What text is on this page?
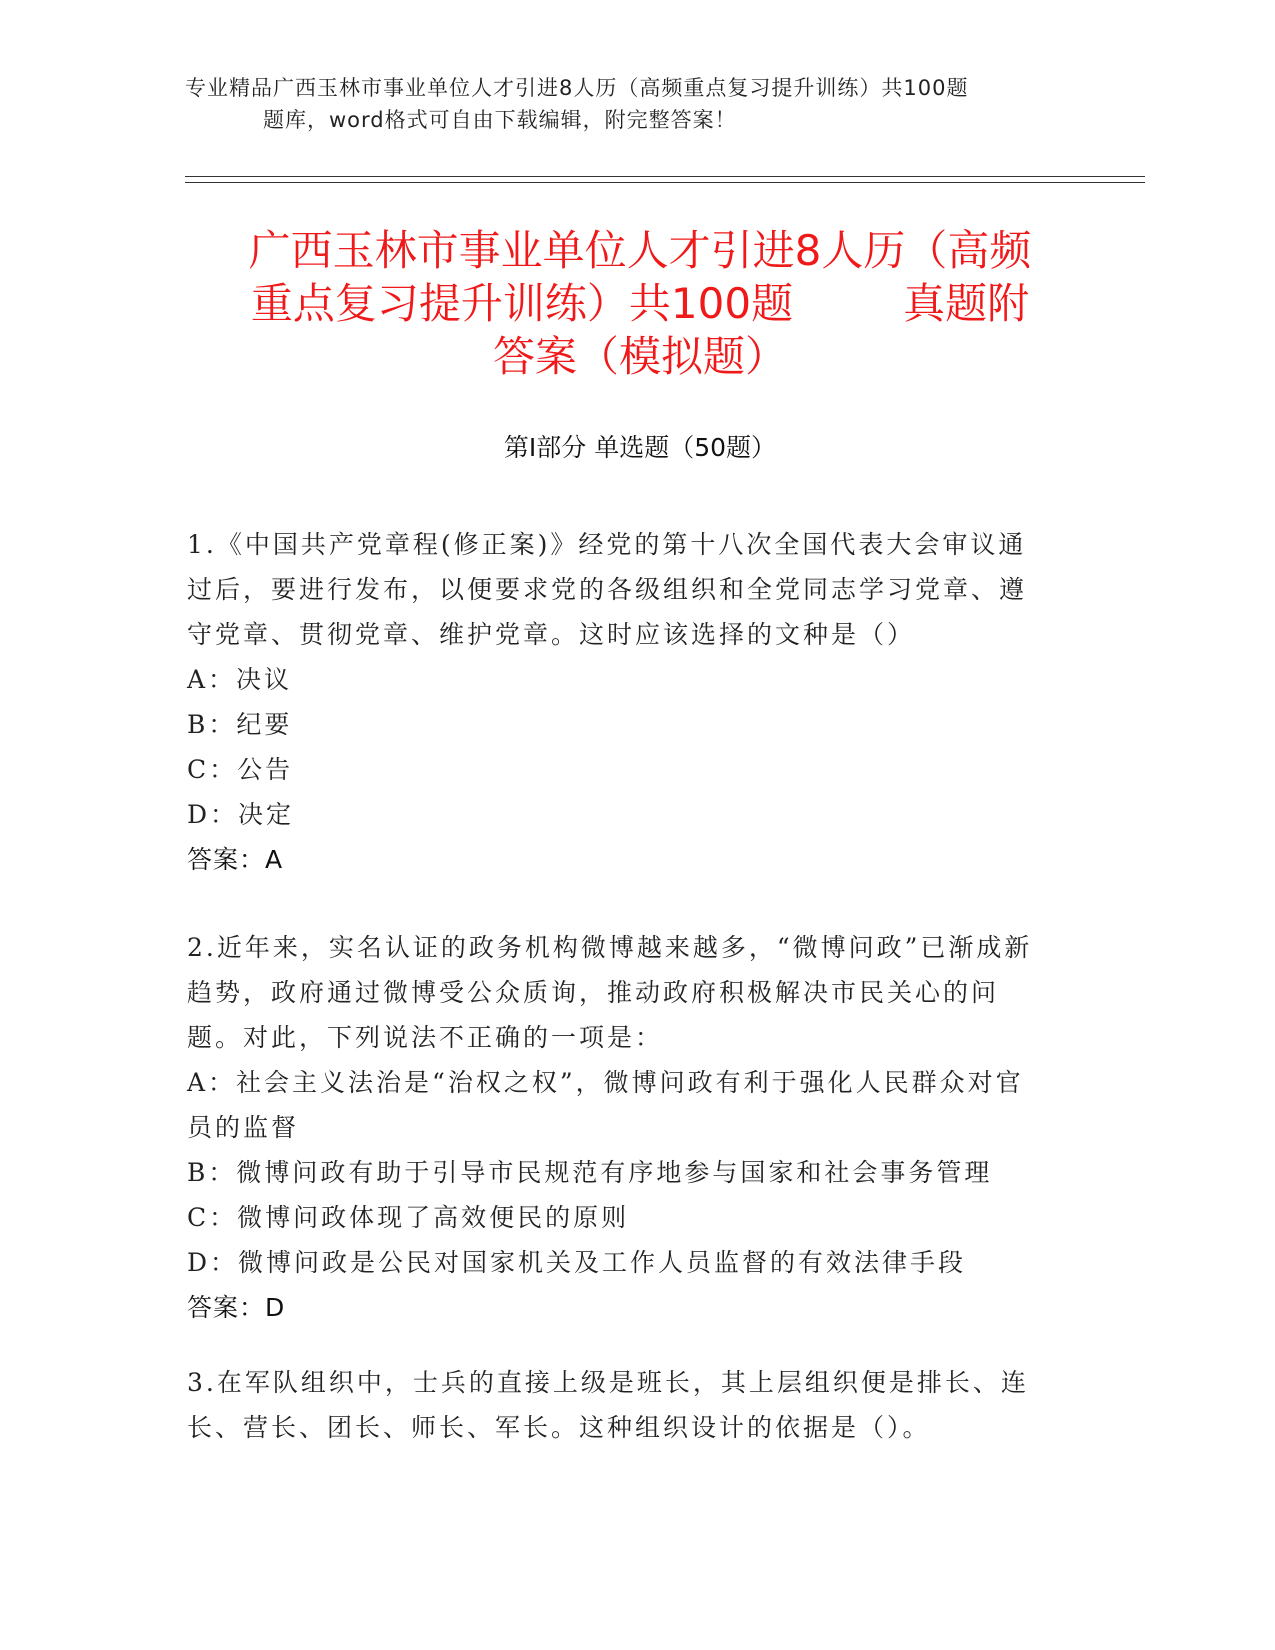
专业精品广西玉林市事业单位人才引进8人历（高频重点复习提升训练）共100题
题库，word格式可自由下载编辑，附完整答案！
广西玉林市事业单位人才引进8人历（高频
重点复习提升训练）共100题	真题附
答案（模拟题）
第Ⅰ部分 单选题（50题）

1.《中国共产党章程(修正案)》经党的第十八次全国代表大会审议通过后，要进行发布，以便要求党的各级组织和全党同志学习党章、遵守党章、贯彻党章、维护党章。这时应该选择的文种是（）

A：决议

B：纪要

C：公告

D：决定

答案：A

2.近年来，实名认证的政务机构微博越来越多，“微博问政”已渐成新趋势，政府通过微博受公众质询，推动政府积极解决市民关心的问题。对此，下列说法不正确的一项是：

A：社会主义法治是“治权之权”，微博问政有利于强化人民群众对官员的监督

B：微博问政有助于引导市民规范有序地参与国家和社会事务管理

C：微博问政体现了高效便民的原则

D：微博问政是公民对国家机关及工作人员监督的有效法律手段

答案：D

3.在军队组织中，士兵的直接上级是班长，其上层组织便是排长、连长、营长、团长、师长、军长。这种组织设计的依据是（）。
